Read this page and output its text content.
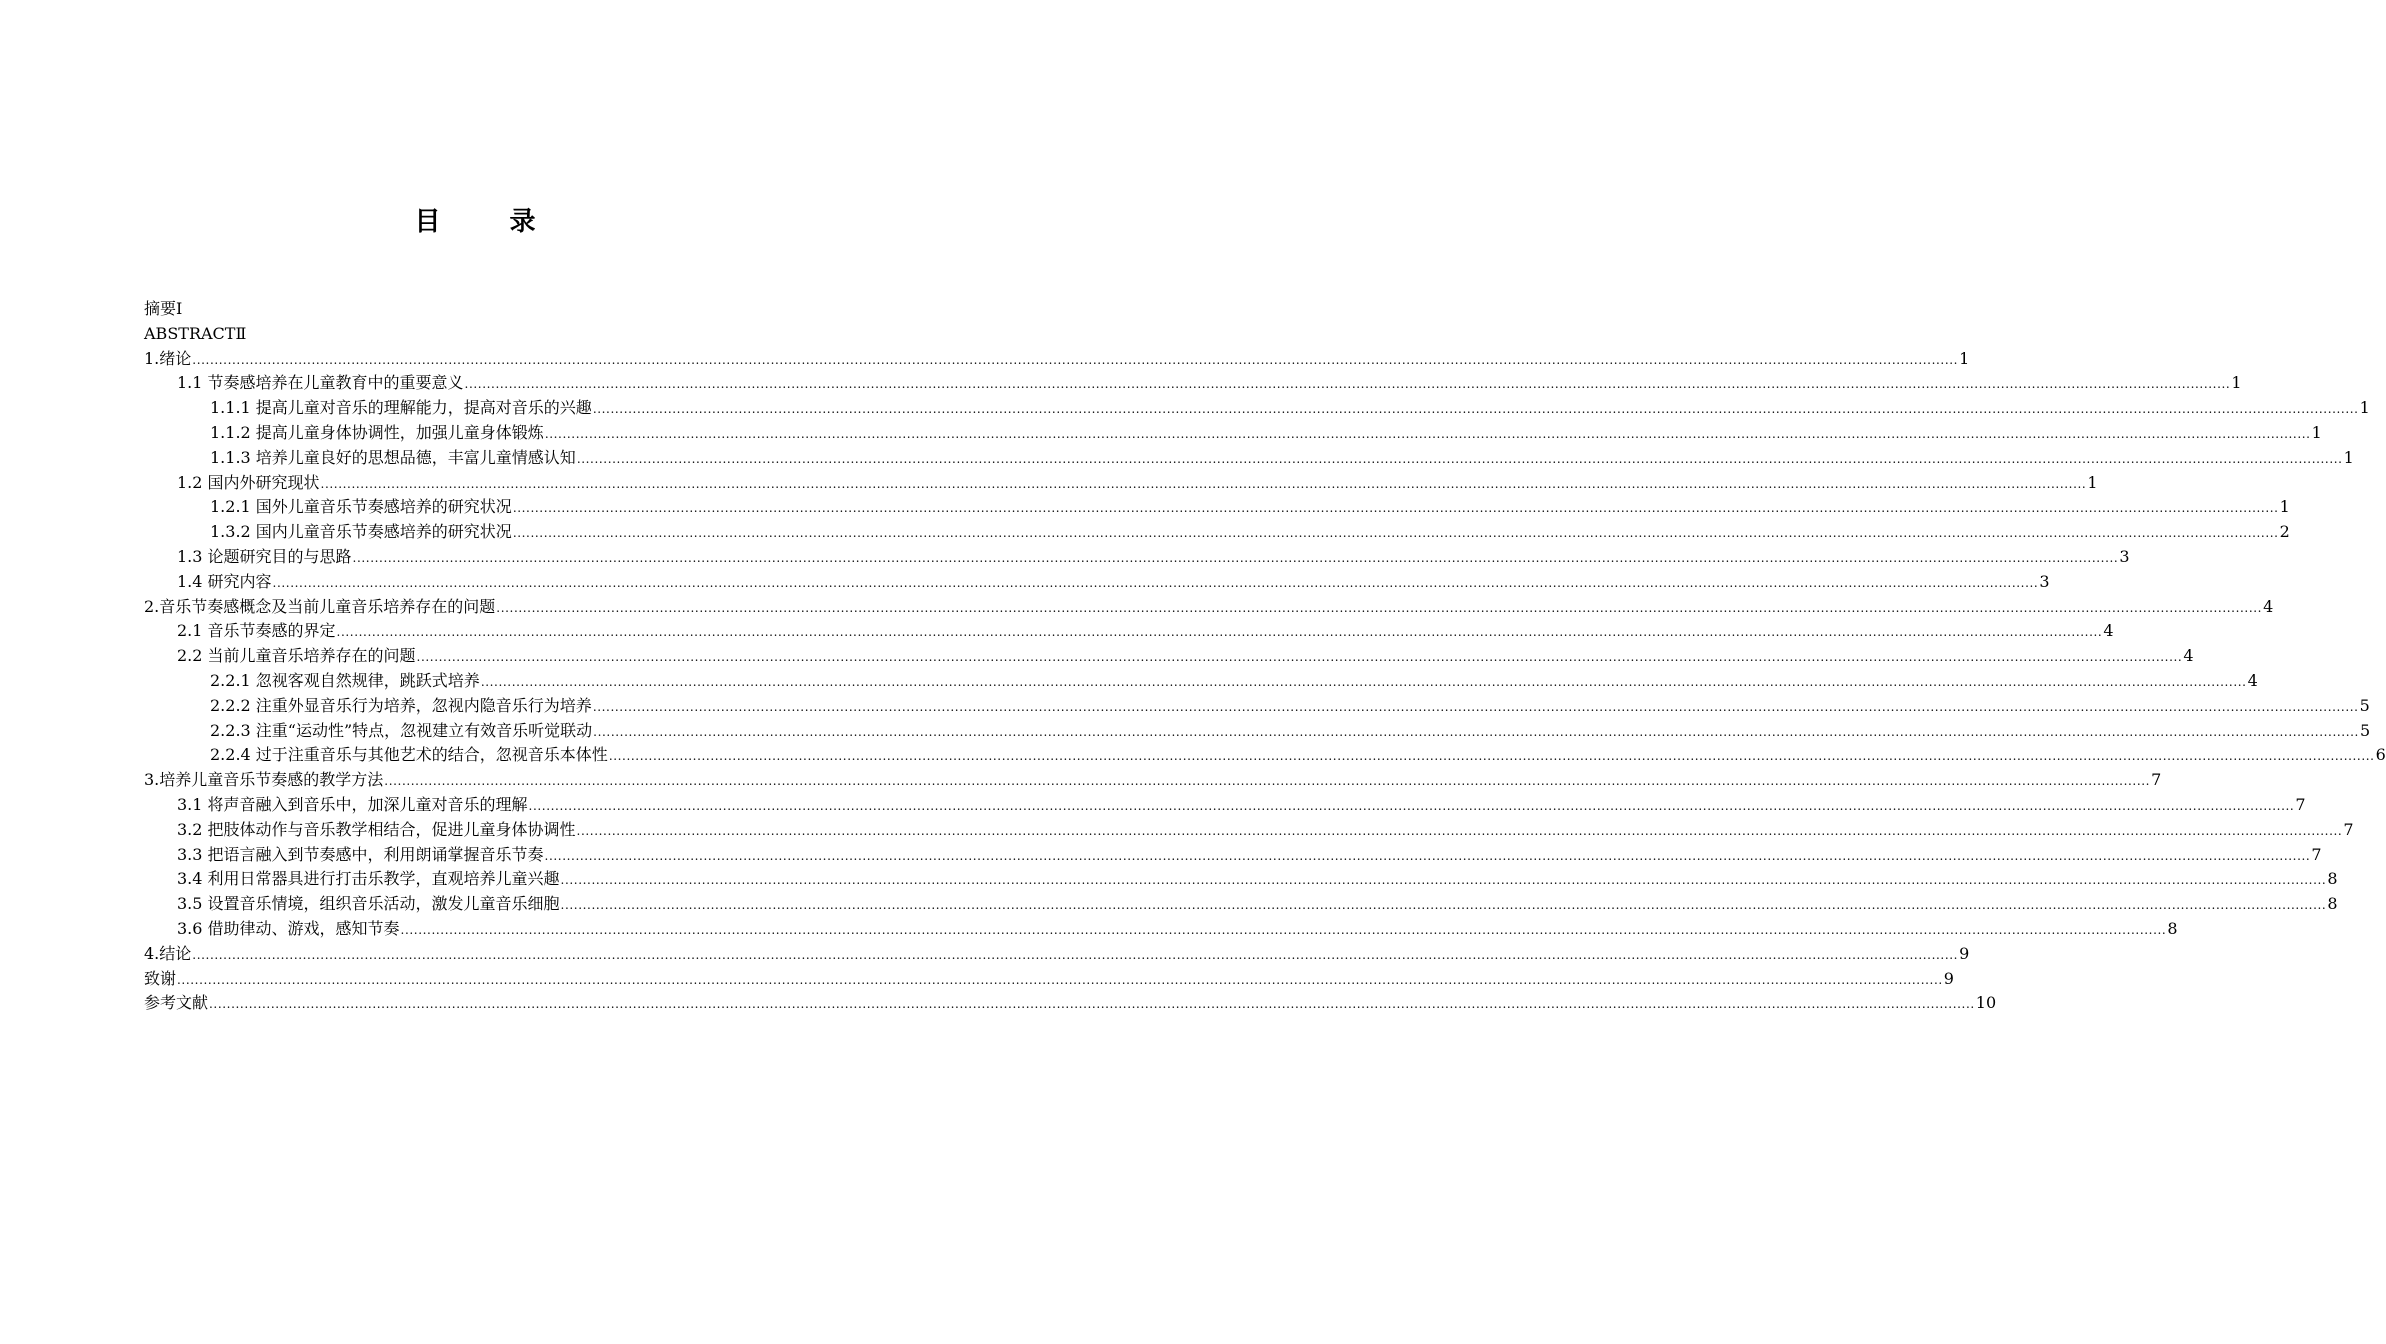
目 录
摘要Ⅰ
ABSTRACTⅡ
1.绪论 ................................................................................................................................................................................................................................................................................................................................................................................................................ 1
1.1 节奏感培养在儿童教育中的重要意义 ................................................................................................................................................................................................................................................................................................................................................................................................................ 1
1.1.1 提高儿童对音乐的理解能力，提高对音乐的兴趣 ................................................................................................................................................................................................................................................................................................................................................................................................................ 1
1.1.2 提高儿童身体协调性，加强儿童身体锻炼 ................................................................................................................................................................................................................................................................................................................................................................................................................ 1
1.1.3 培养儿童良好的思想品德，丰富儿童情感认知 ................................................................................................................................................................................................................................................................................................................................................................................................................ 1
1.2 国内外研究现状 ................................................................................................................................................................................................................................................................................................................................................................................................................ 1
1.2.1 国外儿童音乐节奏感培养的研究状况 ................................................................................................................................................................................................................................................................................................................................................................................................................ 1
1.3.2 国内儿童音乐节奏感培养的研究状况 ................................................................................................................................................................................................................................................................................................................................................................................................................ 2
1.3 论题研究目的与思路 ................................................................................................................................................................................................................................................................................................................................................................................................................ 3
1.4 研究内容 ................................................................................................................................................................................................................................................................................................................................................................................................................ 3
2.音乐节奏感概念及当前儿童音乐培养存在的问题 ................................................................................................................................................................................................................................................................................................................................................................................................................ 4
2.1 音乐节奏感的界定 ................................................................................................................................................................................................................................................................................................................................................................................................................ 4
2.2 当前儿童音乐培养存在的问题 ................................................................................................................................................................................................................................................................................................................................................................................................................ 4
2.2.1 忽视客观自然规律，跳跃式培养 ................................................................................................................................................................................................................................................................................................................................................................................................................ 4
2.2.2 注重外显音乐行为培养，忽视内隐音乐行为培养 ................................................................................................................................................................................................................................................................................................................................................................................................................ 5
2.2.3 注重“运动性”特点，忽视建立有效音乐听觉联动 ................................................................................................................................................................................................................................................................................................................................................................................................................ 5
2.2.4 过于注重音乐与其他艺术的结合，忽视音乐本体性 ................................................................................................................................................................................................................................................................................................................................................................................................................ 6
3.培养儿童音乐节奏感的教学方法 ................................................................................................................................................................................................................................................................................................................................................................................................................ 7
3.1 将声音融入到音乐中，加深儿童对音乐的理解 ................................................................................................................................................................................................................................................................................................................................................................................................................ 7
3.2 把肢体动作与音乐教学相结合，促进儿童身体协调性 ................................................................................................................................................................................................................................................................................................................................................................................................................ 7
3.3 把语言融入到节奏感中，利用朗诵掌握音乐节奏 ................................................................................................................................................................................................................................................................................................................................................................................................................ 7
3.4 利用日常器具进行打击乐教学，直观培养儿童兴趣 ................................................................................................................................................................................................................................................................................................................................................................................................................ 8
3.5 设置音乐情境，组织音乐活动，激发儿童音乐细胞 ................................................................................................................................................................................................................................................................................................................................................................................................................ 8
3.6 借助律动、游戏，感知节奏 ................................................................................................................................................................................................................................................................................................................................................................................................................ 8
4.结论 ................................................................................................................................................................................................................................................................................................................................................................................................................ 9
致谢 ................................................................................................................................................................................................................................................................................................................................................................................................................ 9
参考文献 ................................................................................................................................................................................................................................................................................................................................................................................................................ 10
